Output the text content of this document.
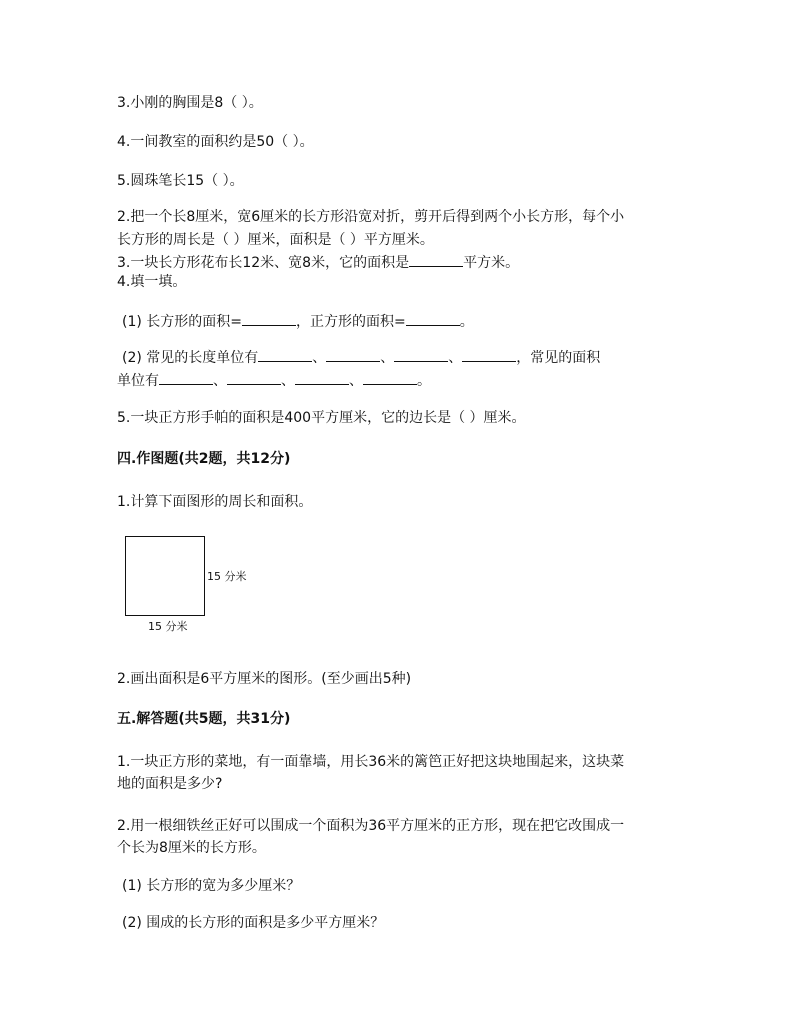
3.小刚的胸围是8（ ）。
4.一间教室的面积约是50（ ）。
5.圆珠笔长15（ ）。
2.把一个长8厘米，宽6厘米的长方形沿宽对折，剪开后得到两个小长方形，每个小
长方形的周长是（ ）厘米，面积是（ ）平方厘米。
3.一块长方形花布长12米、宽8米，它的面积是	平方米。
4.填一填。
(1) 长方形的面积=	，正方形的面积=	。
(2) 常见的长度单位有	、	、	、	，常见的面积
单位有	、	、	、	。
5.一块正方形手帕的面积是400平方厘米，它的边长是（ ）厘米。
四.作图题(共2题，共12分)
1.计算下面图形的周长和面积。
15 分米
15 分米
2.画出面积是6平方厘米的图形。(至少画出5种)
五.解答题(共5题，共31分)
1.一块正方形的菜地，有一面靠墙，用长36米的篱笆正好把这块地围起来，这块菜
地的面积是多少?
2.用一根细铁丝正好可以围成一个面积为36平方厘米的正方形，现在把它改围成一
个长为8厘米的长方形。
(1) 长方形的宽为多少厘米？
(2) 围成的长方形的面积是多少平方厘米？
